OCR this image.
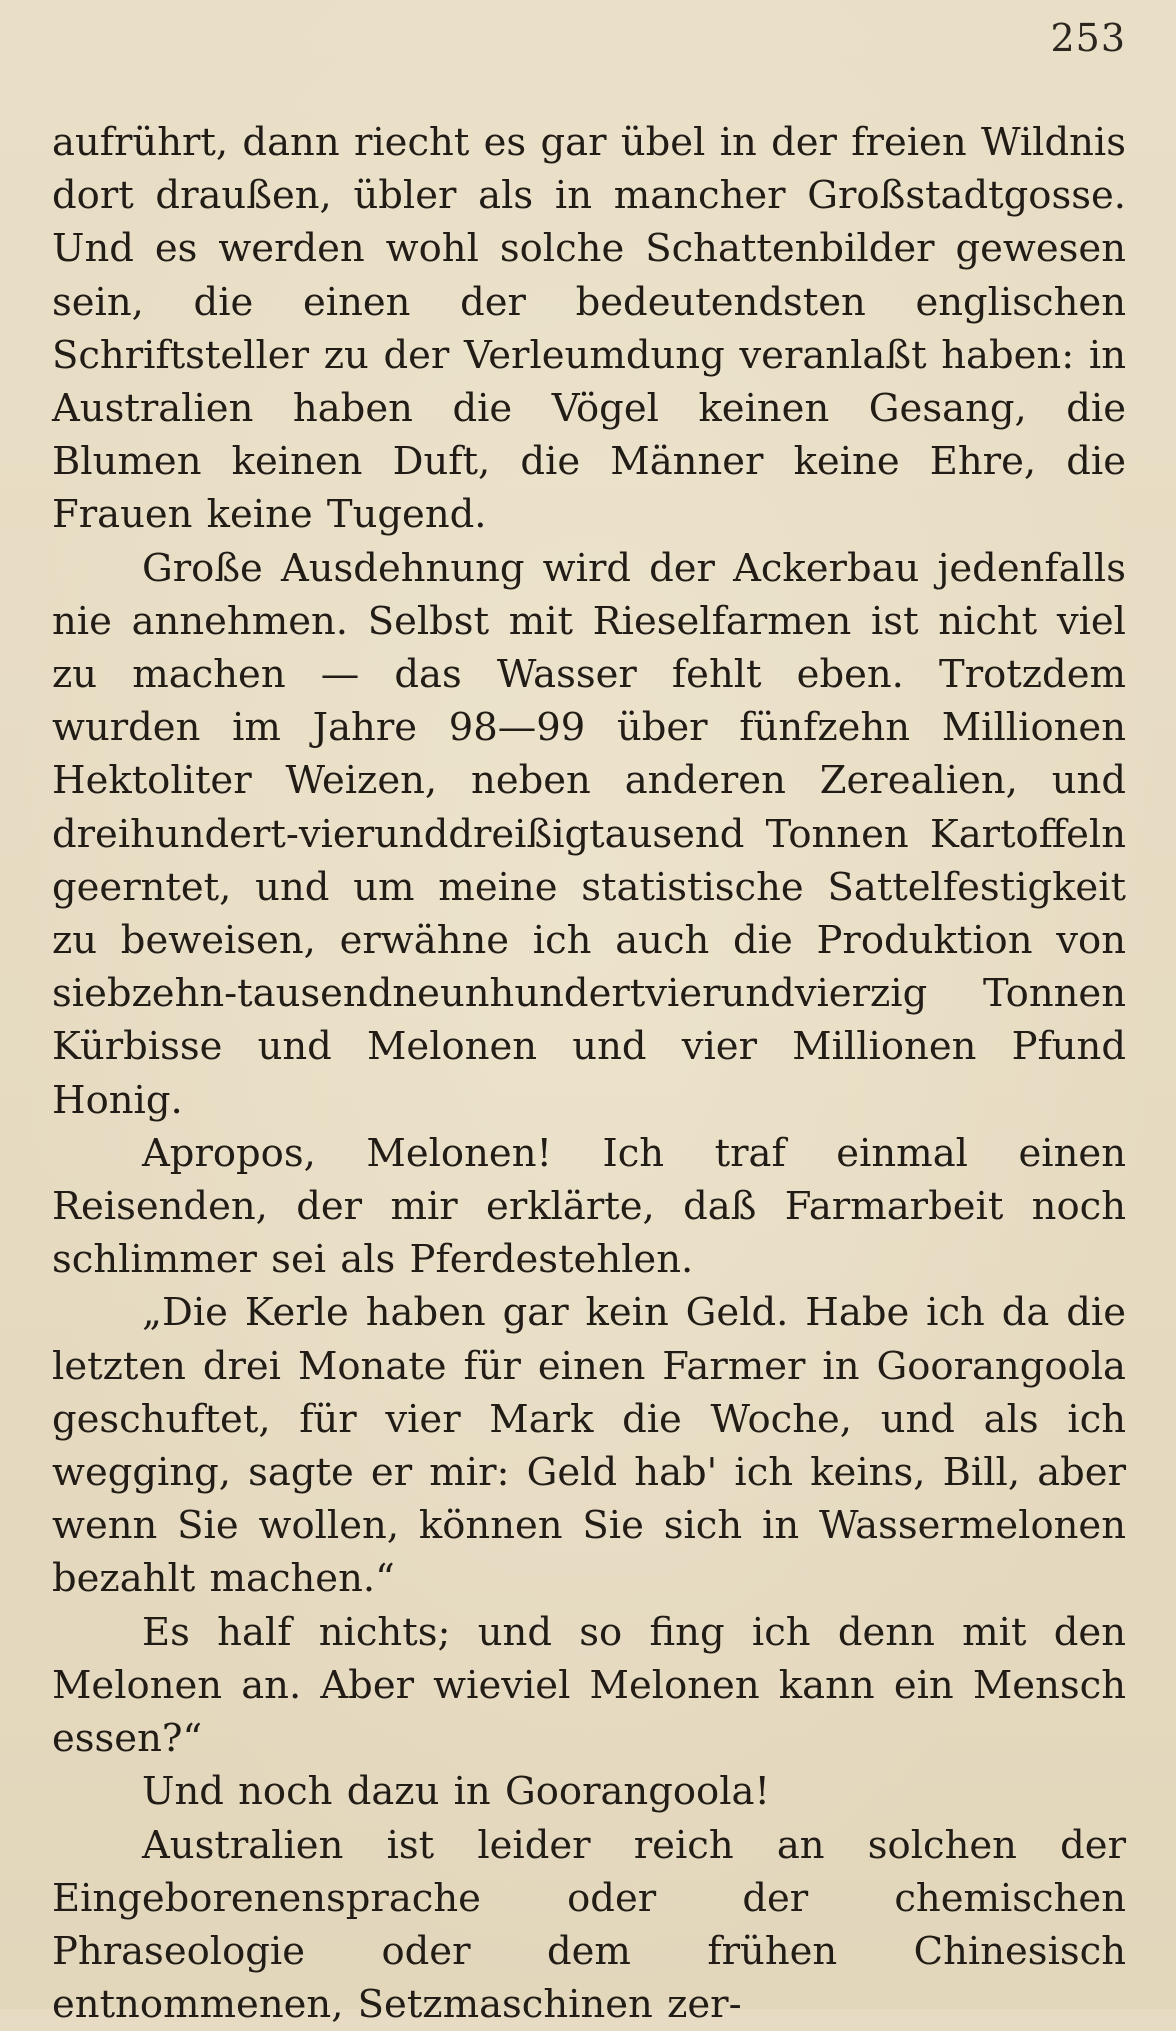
253

aufrührt, dann riecht es gar übel in der freien Wildnis dort draußen, übler als in mancher Großstadtgosse. Und es werden wohl solche Schattenbilder gewesen sein, die einen der bedeutendsten englischen Schriftsteller zu der Verleumdung veranlaßt haben: in Australien haben die Vögel keinen Gesang, die Blumen keinen Duft, die Männer keine Ehre, die Frauen keine Tugend.

Große Ausdehnung wird der Ackerbau jedenfalls nie annehmen. Selbst mit Rieselfarmen ist nicht viel zu machen — das Wasser fehlt eben. Trotzdem wurden im Jahre 98—99 über fünfzehn Millionen Hektoliter Weizen, neben anderen Zerealien, und dreihundert-vierunddreißigtausend Tonnen Kartoffeln geerntet, und um meine statistische Sattelfestigkeit zu beweisen, erwähne ich auch die Produktion von siebzehn-tausendneunhundertvierundvierzig Tonnen Kürbisse und Melonen und vier Millionen Pfund Honig.

Apropos, Melonen! Ich traf einmal einen Reisenden, der mir erklärte, daß Farmarbeit noch schlimmer sei als Pferdestehlen.

„Die Kerle haben gar kein Geld. Habe ich da die letzten drei Monate für einen Farmer in Goorangoola geschuftet, für vier Mark die Woche, und als ich wegging, sagte er mir: Geld hab' ich keins, Bill, aber wenn Sie wollen, können Sie sich in Wassermelonen bezahlt machen.“

Es half nichts; und so fing ich denn mit den Melonen an. Aber wieviel Melonen kann ein Mensch essen?“

Und noch dazu in Goorangoola!

Australien ist leider reich an solchen der Eingeborenensprache oder der chemischen Phraseologie oder dem frühen Chinesisch entnommenen, Setzmaschinen zer-
